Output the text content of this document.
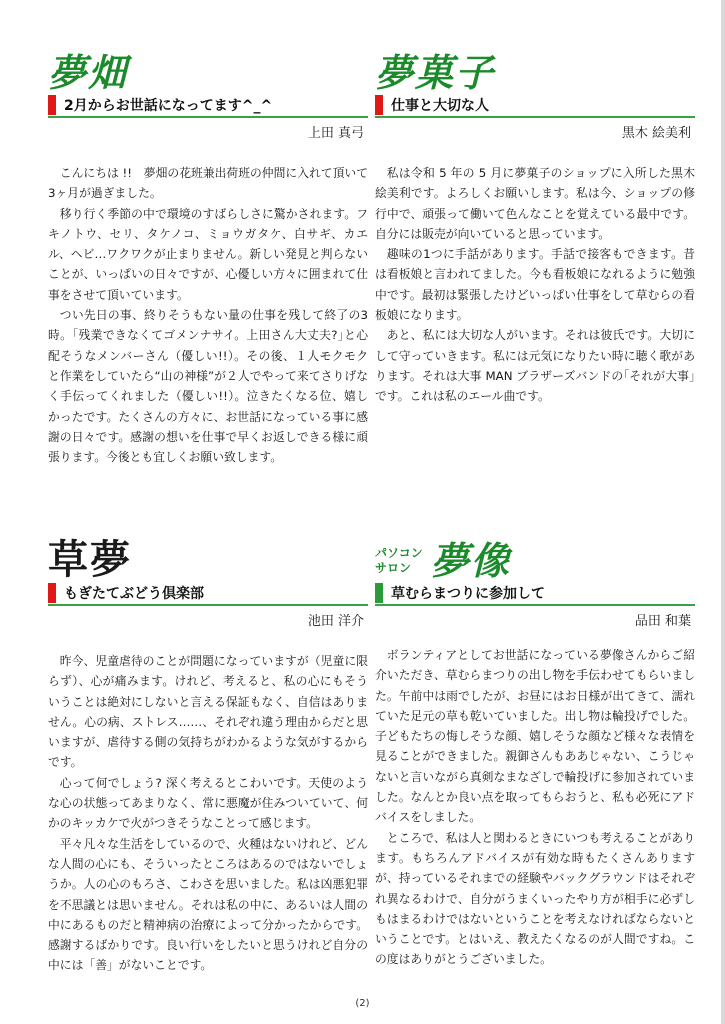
夢畑
2月からお世話になってます^_^
上田 真弓

こんにちは !!　夢畑の花班兼出荷班の仲間に入れて頂いて3ヶ月が過ぎました。

移り行く季節の中で環境のすばらしさに驚かされます。フキノトウ、セリ、タケノコ、ミョウガタケ、白サギ、カエル、ヘビ…ワクワクが止まりません。新しい発見と判らないことが、いっぱいの日々ですが、心優しい方々に囲まれて仕事をさせて頂いています。

つい先日の事、終りそうもない量の仕事を残して終了の3時。｢残業できなくてゴメンナサイ。上田さん大丈夫?｣と心配そうなメンバーさん（優しい!!）。その後、１人モクモクと作業をしていたら“山の神様”が２人でやって来てさりげなく手伝ってくれました（優しい!!）。泣きたくなる位、嬉しかったです。たくさんの方々に、お世話になっている事に感謝の日々です。感謝の想いを仕事で早くお返しできる様に頑張ります。今後とも宜しくお願い致します。

夢菓子
仕事と大切な人
黒木 絵美利

私は令和 5 年の 5 月に夢菓子のショップに入所した黒木絵美利です。よろしくお願いします。私は今、ショップの修行中で、頑張って働いて色んなことを覚えている最中です。自分には販売が向いていると思っています。

趣味の1つに手話があります。手話で接客もできます。昔は看板娘と言われてました。今も看板娘になれるように勉強中です。最初は緊張したけどいっぱい仕事をして草むらの看板娘になります。

あと、私には大切な人がいます。それは彼氏です。大切にして守っていきます。私には元気になりたい時に聴く歌があります。それは大事 MAN ブラザーズバンドの｢それが大事｣です。これは私のエール曲です。

草夢
もぎたてぶどう倶楽部
池田 洋介

昨今、児童虐待のことが問題になっていますが（児童に限らず）、心が痛みます。けれど、考えると、私の心にもそういうことは絶対にしないと言える保証もなく、自信はありません。心の病、ストレス……、それぞれ違う理由からだと思いますが、虐待する側の気持ちがわかるような気がするからです。

心って何でしょう? 深く考えるとこわいです。天使のような心の状態ってあまりなく、常に悪魔が住みついていて、何かのキッカケで火がつきそうなことって感じます。

平々凡々な生活をしているので、火種はないけれど、どんな人間の心にも、そういったところはあるのではないでしょうか。人の心のもろさ、こわさを思いました。私は凶悪犯罪を不思議とは思いません。それは私の中に、あるいは人間の中にあるものだと精神病の治療によって分かったからです。感謝するばかりです。良い行いをしたいと思うけれど自分の中には「善」がないことです。

パソコン
サロン 夢像
草むらまつりに参加して
品田 和葉

ボランティアとしてお世話になっている夢像さんからご紹介いただき、草むらまつりの出し物を手伝わせてもらいました。午前中は雨でしたが、お昼にはお日様が出てきて、濡れていた足元の草も乾いていました。出し物は輪投げでした。子どもたちの悔しそうな顔、嬉しそうな顔など様々な表情を見ることができました。親御さんもああじゃない、こうじゃないと言いながら真剣なまなざしで輪投げに参加されていました。なんとか良い点を取ってもらおうと、私も必死にアドバイスをしました。

ところで、私は人と関わるときにいつも考えることがあります。もちろんアドバイスが有効な時もたくさんありますが、持っているそれまでの経験やバックグラウンドはそれぞれ異なるわけで、自分がうまくいったやり方が相手に必ずしもはまるわけではないということを考えなければならないということです。とはいえ、教えたくなるのが人間ですね。この度はありがとうございました。

(2)
